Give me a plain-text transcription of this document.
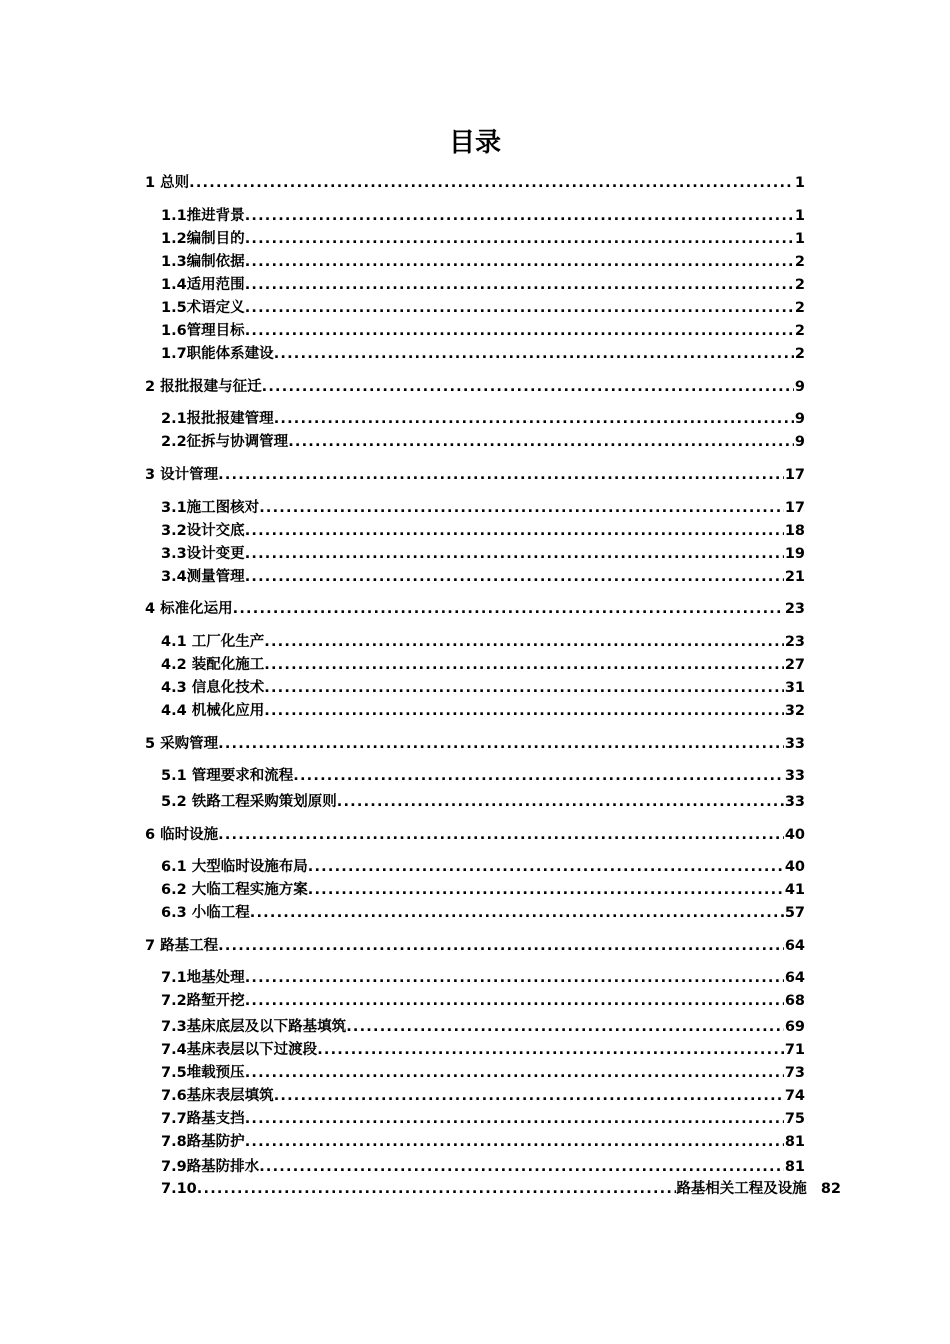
目录
1 总则 .....	1
1.1推进背景 .....	1
1.2编制目的 .....	1
1.3编制依据 .....	2
1.4适用范围 .....	2
1.5术语定义 .....	2
1.6管理目标 .....	2
1.7职能体系建设 .....	2
2 报批报建与征迁 .....	9
2.1报批报建管理 .....	9
2.2征拆与协调管理 .....	9
3 设计管理 .....	17
3.1施工图核对 .....	17
3.2设计交底 .....	18
3.3设计变更 .....	19
3.4测量管理 .....	21
4 标准化运用 .....	23
4.1 工厂化生产 .....	23
4.2 装配化施工 .....	27
4.3 信息化技术 .....	31
4.4 机械化应用 .....	32
5 采购管理 .....	33
5.1 管理要求和流程 .....	33
5.2 铁路工程采购策划原则 .....	33
6 临时设施 .....	40
6.1 大型临时设施布局 .....	40
6.2 大临工程实施方案 .....	41
6.3 小临工程 .....	57
7 路基工程 .....	64
7.1地基处理 .....	64
7.2路堑开挖 .....	68
7.3基床底层及以下路基填筑 .....	69
7.4基床表层以下过渡段 .....	71
7.5堆载预压 .....	73
7.6基床表层填筑 .....	74
7.7路基支挡 .....	75
7.8路基防护 .....	81
7.9路基防排水 .....	81
7.10 .....	路基相关工程及设施 82
